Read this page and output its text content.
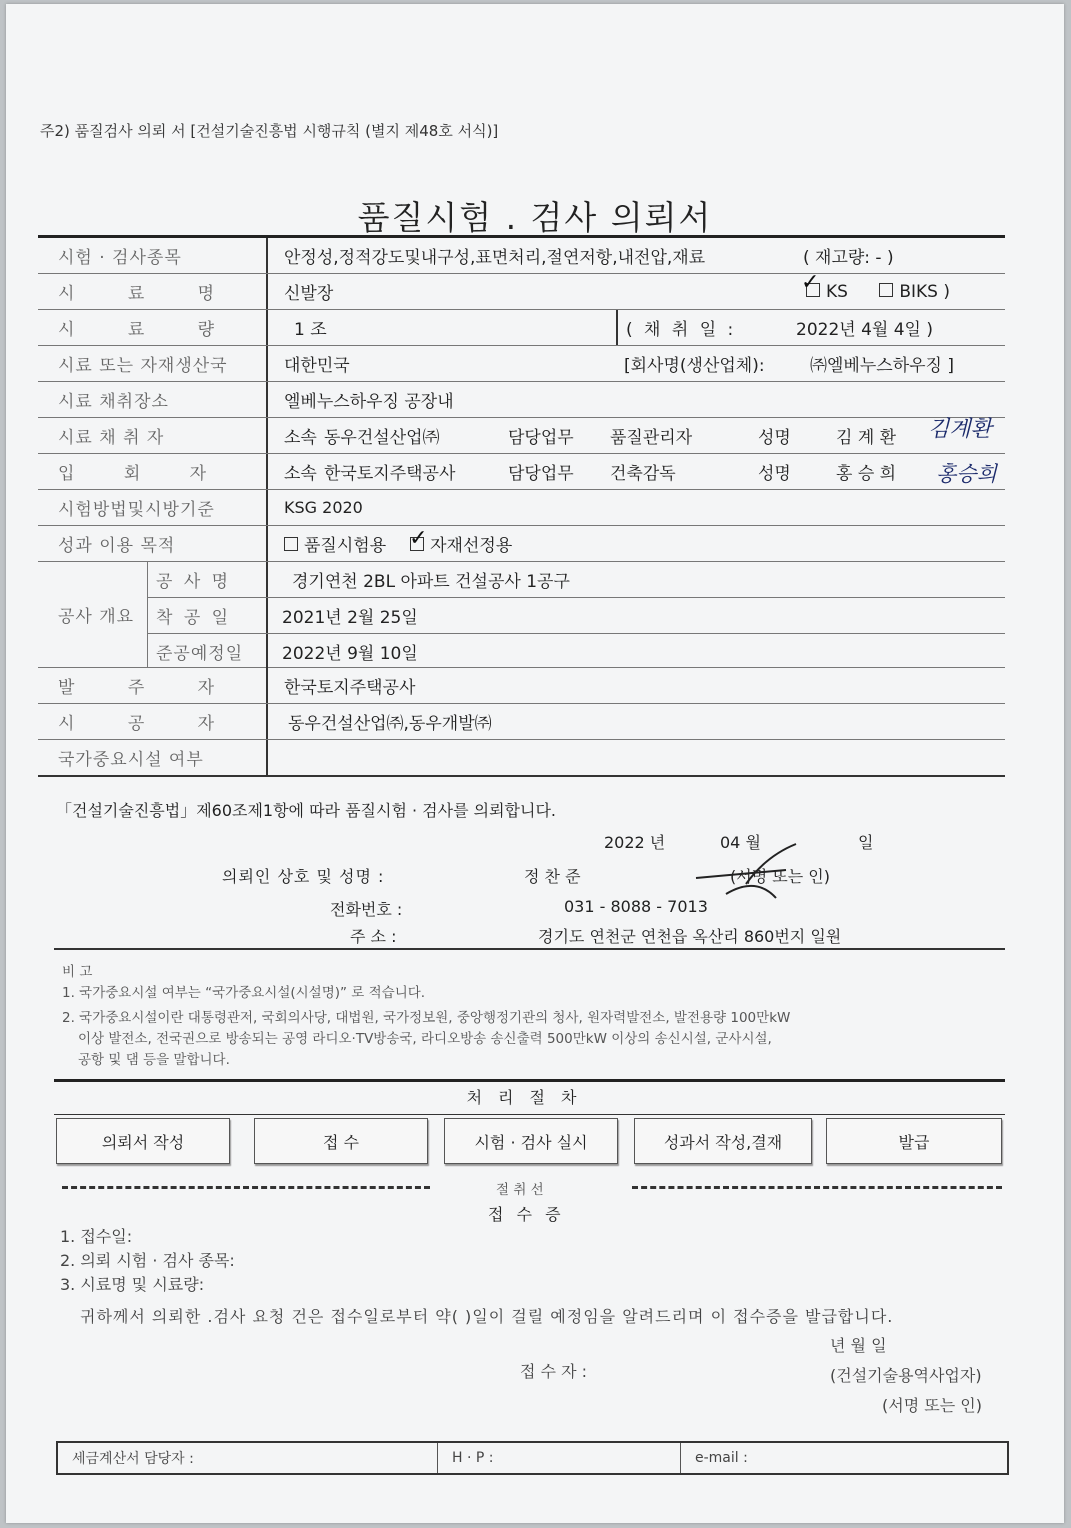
주2) 품질검사 의뢰 서 [건설기술진흥법 시행규칙 (별지 제48호 서식)]
품질시험 . 검사 의뢰서
시험 · 검사종목	안정성,정적강도및내구성,표면처리,절연저항,내전압,재료	( 재고량: - )
시 료 명	신발장	✓ KS	BIKS )
시 료 량	1 조	( 채 취 일 :	2022년 4월 4일 )
시료 또는 자재생산국	대한민국	[회사명(생산업체):	㈜엘베누스하우징 ]
시료 채취장소	엘베누스하우징 공장내
시료 채 취 자	소속 동우건설산업㈜	담당업무 품질관리자	성명	김 계 환 김계환
입 회 자	소속 한국토지주택공사	담당업무 건축감독	성명	홍 승 희 홍승희
시험방법및시방기준	KSG 2020
성과 이용 목적	품질시험용 ✓ 자재선정용
공사 개요
공 사 명	경기연천 2BL 아파트 건설공사 1공구
착 공 일	2021년 2월 25일
준공예정일	2022년 9월 10일
발 주 자	한국토지주택공사
시 공 자	동우건설산업㈜,동우개발㈜
국가중요시설 여부
「건설기술진흥법」제60조제1항에 따라 품질시험 · 검사를 의뢰합니다.
2022 년	04 월	일
의뢰인 상호 및 성명 :	정 찬 준	(서명 또는 인)
전화번호 :	031 - 8088 - 7013
주 소 :	경기도 연천군 연천읍 옥산리 860번지 일원
비 고
1. 국가중요시설 여부는 “국가중요시설(시설명)” 로 적습니다.
2. 국가중요시설이란 대통령관저, 국회의사당, 대법원, 국가정보원, 중앙행정기관의 청사, 원자력발전소, 발전용량 100만kW
이상 발전소, 전국권으로 방송되는 공영 라디오·TV방송국, 라디오방송 송신출력 500만kW 이상의 송신시설, 군사시설,
공항 및 댐 등을 말합니다.
처리절차
의뢰서 작성	접 수	시험 · 검사 실시	성과서 작성,결재	발급
절 취 선
접 수 증
1. 접수일:
2. 의뢰 시험 · 검사 종목:
3. 시료명 및 시료량:
귀하께서 의뢰한 .검사 요청 건은 접수일로부터 약( )일이 걸릴 예정임을 알려드리며 이 접수증을 발급합니다.
년 월 일
접 수 자 :	(건설기술용역사업자)
(서명 또는 인)
세금계산서 담당자 :	H · P :	e-mail :
